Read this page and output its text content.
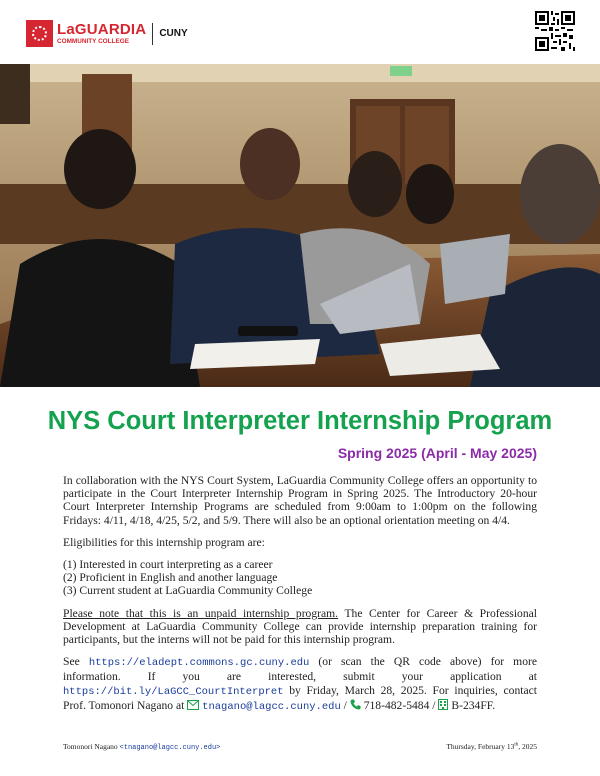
LaGUARDIA
COMMUNITY COLLEGE
CUNY
NYS Court Interpreter Internship Program
Spring 2025 (April - May 2025)

In collaboration with the NYS Court System, LaGuardia Community College offers an opportunity to participate in the Court Interpreter Internship Program in Spring 2025. The Introductory 20-hour Court Interpreter Internship Programs are scheduled from 9:00am to 1:00pm on the following Fridays: 4/11, 4/18, 4/25, 5/2, and 5/9. There will also be an optional orientation meeting on 4/4.

Eligibilities for this internship program are:

(1) Interested in court interpreting as a career
(2) Proficient in English and another language
(3) Current student at LaGuardia Community College

Please note that this is an unpaid internship program. The Center for Career & Professional Development at LaGuardia Community College can provide internship preparation training for participants, but the interns will not be paid for this internship program.

See https://eladept.commons.gc.cuny.edu (or scan the QR code above) for more information. If you are interested, submit your application at https://bit.ly/LaGCC_CourtInterpret by Friday, March 28, 2025. For inquiries, contact Prof. Tomonori Nagano at  tnagano@lagcc.cuny.edu /  718-482-5484 /  B-234FF.

Tomonori Nagano <tnagano@lagcc.cuny.edu>	Thursday, February 13th, 2025
